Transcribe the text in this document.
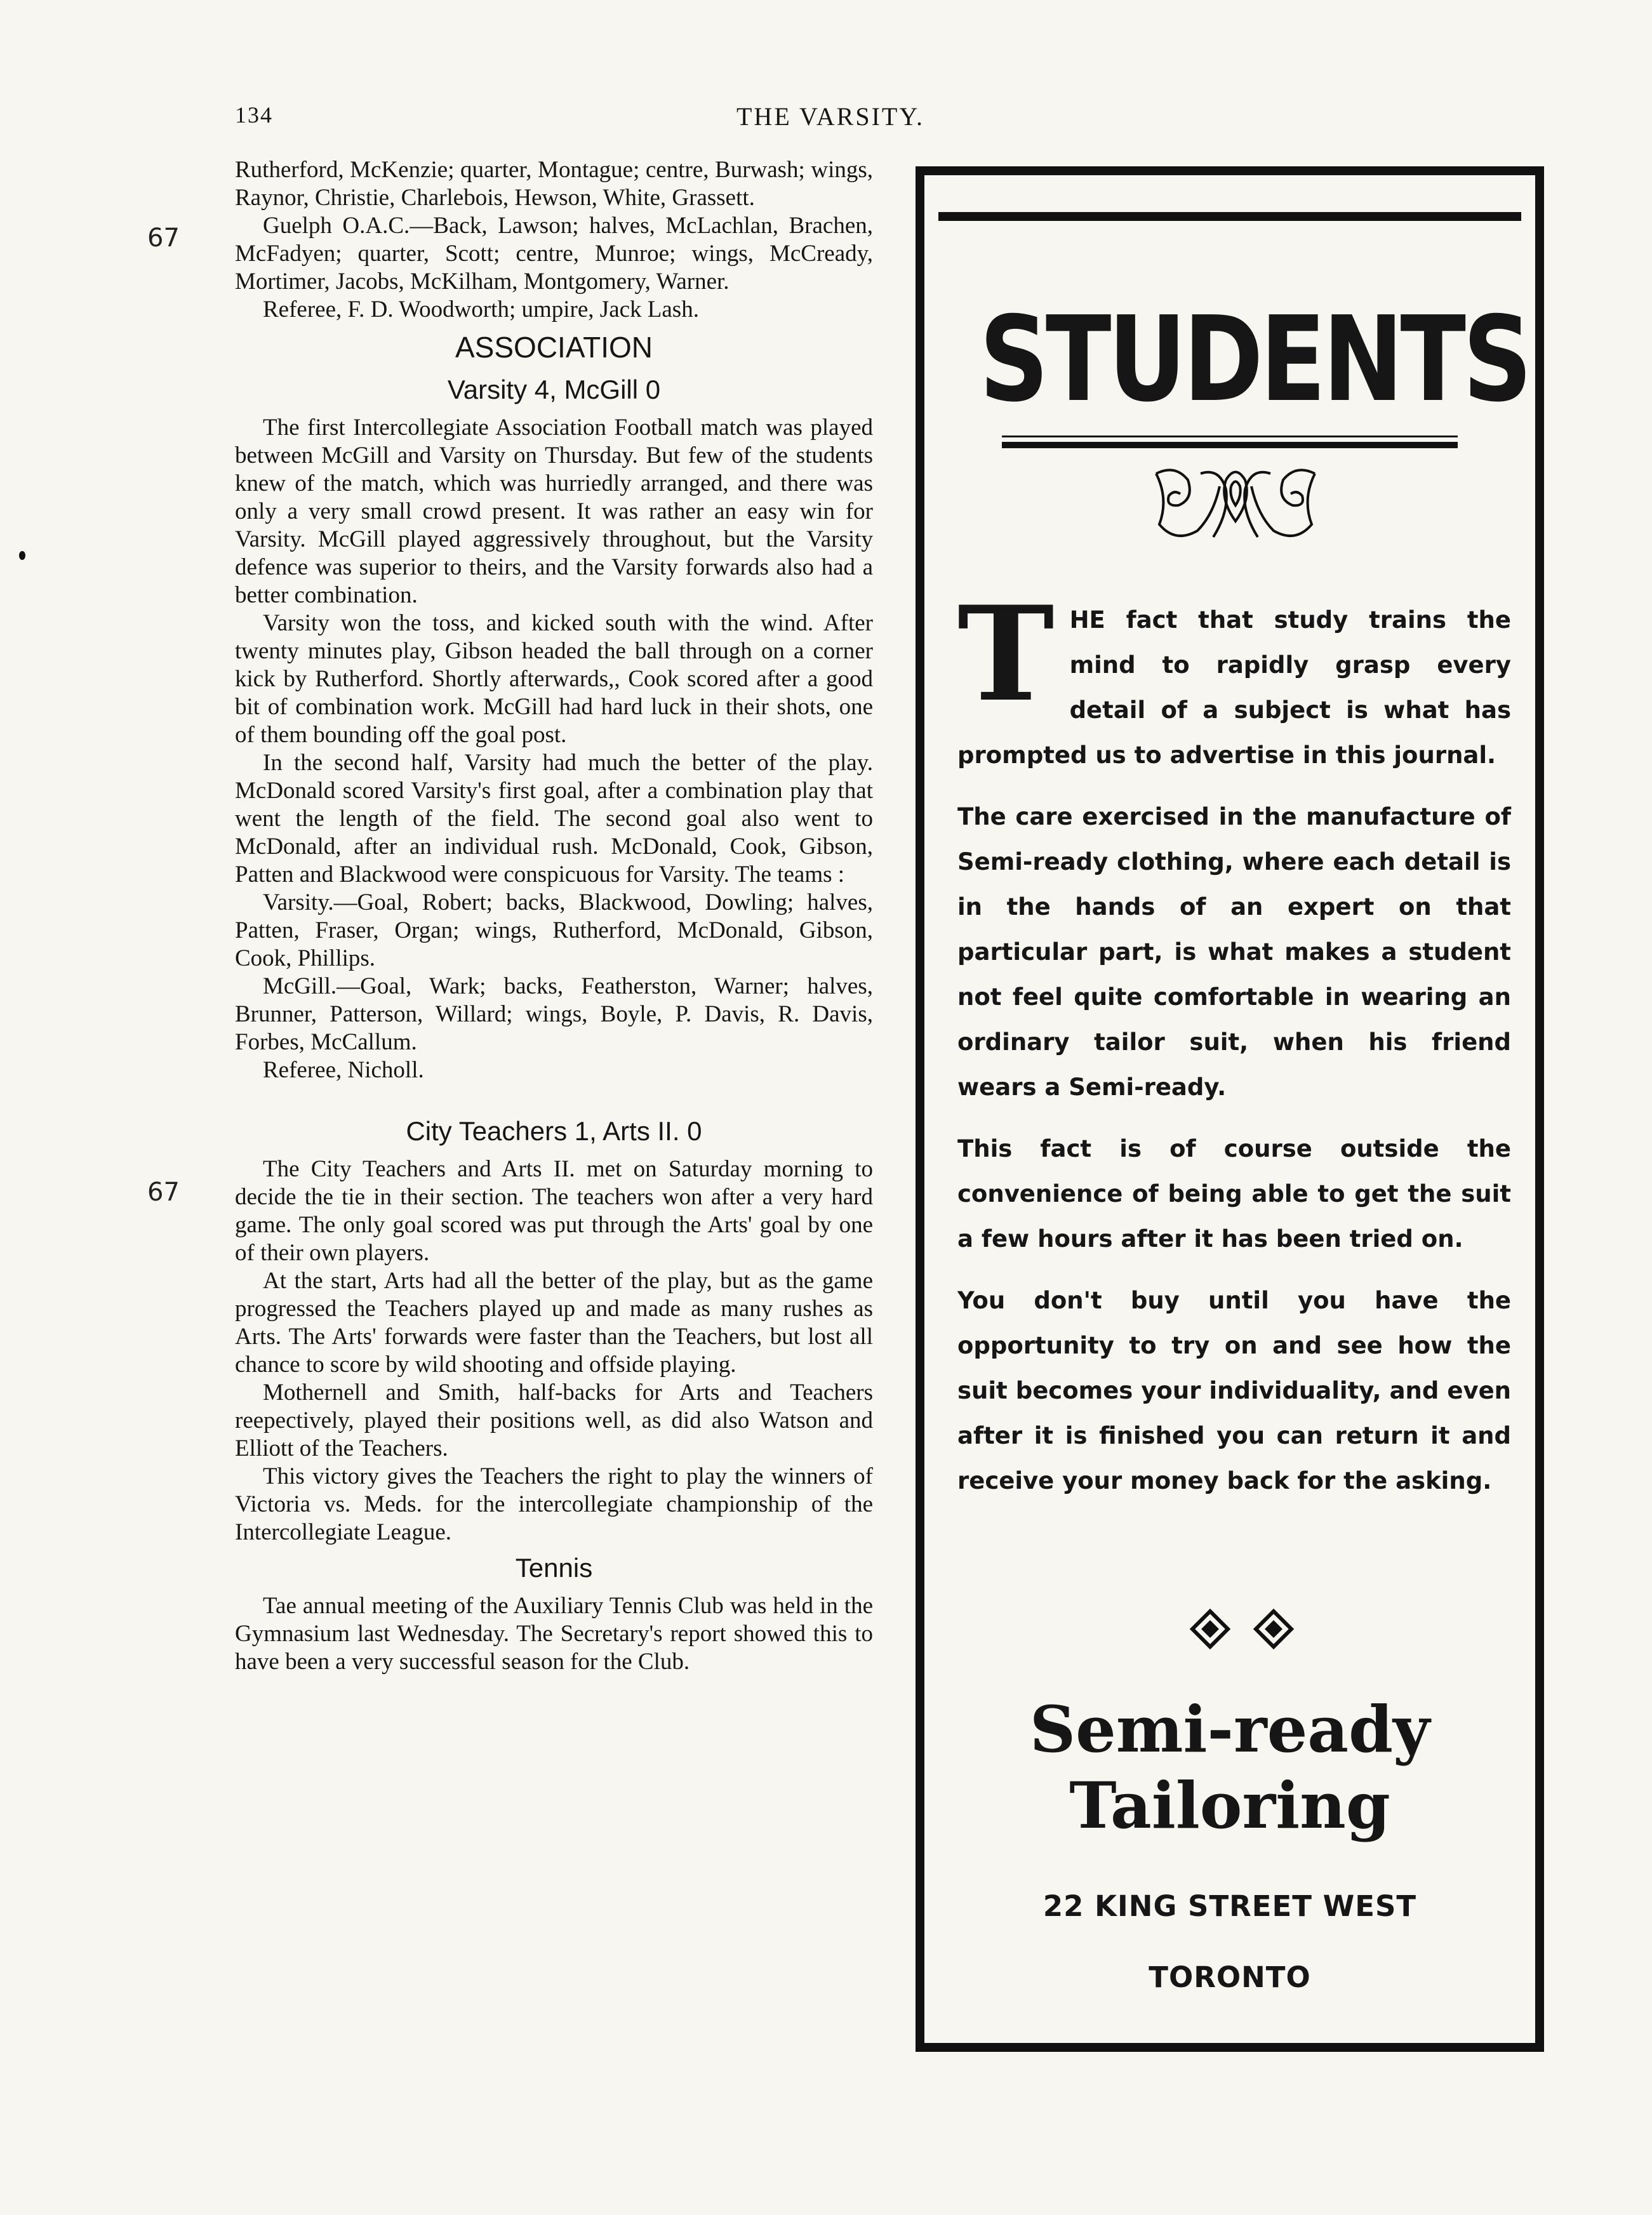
134	THE VARSITY.
67
67

Rutherford, McKenzie; quarter, Montague; centre, Burwash; wings, Raynor, Christie, Charlebois, Hewson, White, Grassett.

Guelph O.A.C.—Back, Lawson; halves, McLachlan, Brachen, McFadyen; quarter, Scott; centre, Munroe; wings, McCready, Mortimer, Jacobs, McKilham, Montgomery, Warner.

Referee, F. D. Woodworth; umpire, Jack Lash.

ASSOCIATION
Varsity 4, McGill 0

The first Intercollegiate Association Football match was played between McGill and Varsity on Thursday. But few of the students knew of the match, which was hurriedly arranged, and there was only a very small crowd present. It was rather an easy win for Varsity. McGill played aggressively throughout, but the Varsity defence was superior to theirs, and the Varsity forwards also had a better combination.

Varsity won the toss, and kicked south with the wind. After twenty minutes play, Gibson headed the ball through on a corner kick by Rutherford. Shortly afterwards,, Cook scored after a good bit of combination work. McGill had hard luck in their shots, one of them bounding off the goal post.

In the second half, Varsity had much the better of the play. McDonald scored Varsity's first goal, after a combination play that went the length of the field. The second goal also went to McDonald, after an individual rush. McDonald, Cook, Gibson, Patten and Blackwood were conspicuous for Varsity. The teams :

Varsity.—Goal, Robert; backs, Blackwood, Dowling; halves, Patten, Fraser, Organ; wings, Rutherford, McDonald, Gibson, Cook, Phillips.

McGill.—Goal, Wark; backs, Featherston, Warner; halves, Brunner, Patterson, Willard; wings, Boyle, P. Davis, R. Davis, Forbes, McCallum.

Referee, Nicholl.

City Teachers 1, Arts II. 0

The City Teachers and Arts II. met on Saturday morning to decide the tie in their section. The teachers won after a very hard game. The only goal scored was put through the Arts' goal by one of their own players.

At the start, Arts had all the better of the play, but as the game progressed the Teachers played up and made as many rushes as Arts. The Arts' forwards were faster than the Teachers, but lost all chance to score by wild shooting and offside playing.

Mothernell and Smith, half-backs for Arts and Teachers reepectively, played their positions well, as did also Watson and Elliott of the Teachers.

This victory gives the Teachers the right to play the winners of Victoria vs. Meds. for the intercollegiate championship of the Intercollegiate League.

Tennis

Tae annual meeting of the Auxiliary Tennis Club was held in the Gymnasium last Wednesday. The Secretary's report showed this to have been a very successful season for the Club.

STUDENTS

THE fact that study trains the mind to rapidly grasp every detail of a subject is what has prompted us to advertise in this journal.

The care exercised in the manufacture of Semi-ready clothing, where each detail is in the hands of an expert on that particular part, is what makes a student not feel quite comfortable in wearing an ordinary tailor suit, when his friend wears a Semi-ready.

This fact is of course outside the convenience of being able to get the suit a few hours after it has been tried on.

You don't buy until you have the opportunity to try on and see how the suit becomes your individuality, and even after it is finished you can return it and receive your money back for the asking.

Semi-ready
Tailoring
22 KING STREET WEST
TORONTO
